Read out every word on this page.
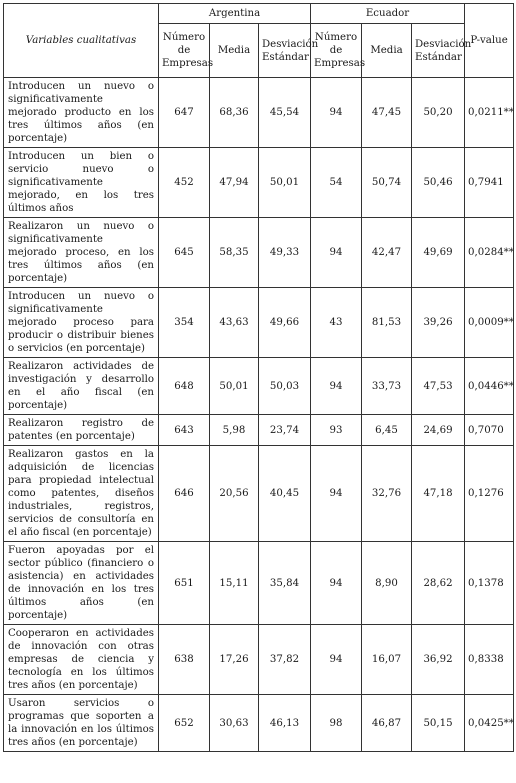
Variables cualitativas	Argentina			Ecuador			P-value
	Número de Empresas	Media	Desviación Estándar	Número de Empresas	Media	Desviación Estándar	
Introducen un nuevo o significativamente mejorado producto en los tres últimos años (en porcentaje)	647	68,36	45,54	94	47,45	50,20	0,0211**
Introducen un bien o servicio nuevo o significativamente mejorado, en los tres últimos años	452	47,94	50,01	54	50,74	50,46	0,7941
Realizaron un nuevo o significativamente mejorado proceso, en los tres últimos años (en porcentaje)	645	58,35	49,33	94	42,47	49,69	0,0284**
Introducen un nuevo o significativamente mejorado proceso para producir o distribuir bienes o servicios (en porcentaje)	354	43,63	49,66	43	81,53	39,26	0,0009**
Realizaron actividades de investigación y desarrollo en el año fiscal (en porcentaje)	648	50,01	50,03	94	33,73	47,53	0,0446**
Realizaron registro de patentes (en porcentaje)	643	5,98	23,74	93	6,45	24,69	0,7070
Realizaron gastos en la adquisición de licencias para propiedad intelectual como patentes, diseños industriales, registros, servicios de consultoría en el año fiscal (en porcentaje)	646	20,56	40,45	94	32,76	47,18	0,1276
Fueron apoyadas por el sector público (financiero o asistencia) en actividades de innovación en los tres últimos años (en porcentaje)	651	15,11	35,84	94	8,90	28,62	0,1378
Cooperaron en actividades de innovación con otras empresas de ciencia y tecnología en los últimos tres años (en porcentaje)	638	17,26	37,82	94	16,07	36,92	0,8338
Usaron servicios o programas que soporten a la innovación en los últimos tres años (en porcentaje)	652	30,63	46,13	98	46,87	50,15	0,0425**
